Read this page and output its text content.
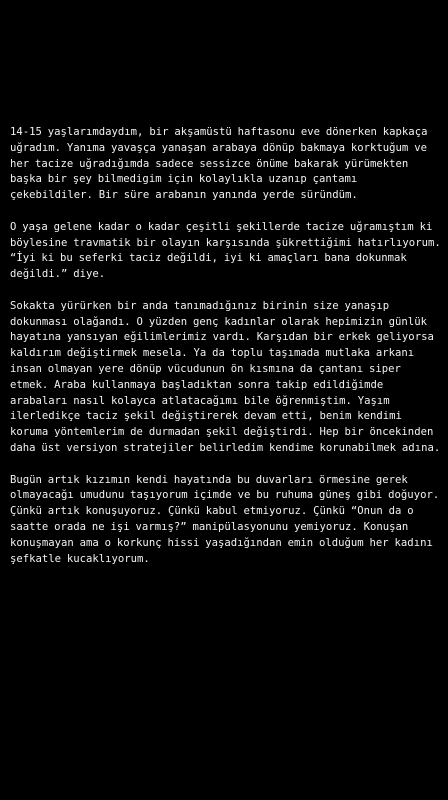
14-15 yaşlarımdaydım, bir akşamüstü haftasonu eve dönerken kapkaça uğradım. Yanıma yavaşça yanaşan arabaya dönüp bakmaya korktuğum ve her tacize uğradığımda sadece sessizce önüme bakarak yürümekten başka bir şey bilmedigim için kolaylıkla uzanıp çantamı çekebildiler. Bir süre arabanın yanında yerde süründüm.

O yaşa gelene kadar o kadar çeşitli şekillerde tacize uğramıştım ki böylesine travmatik bir olayın karşısında şükrettiğimi hatırlıyorum. “İyi ki bu seferki taciz değildi, iyi ki amaçları bana dokunmak değildi.” diye.

Sokakta yürürken bir anda tanımadığınız birinin size yanaşıp dokunması olağandı. O yüzden genç kadınlar olarak hepimizin günlük hayatına yansıyan eğilimlerimiz vardı. Karşıdan bir erkek geliyorsa kaldırım değiştirmek mesela. Ya da toplu taşımada mutlaka arkanı insan olmayan yere dönüp vücudunun ön kısmına da çantanı siper etmek. Araba kullanmaya başladıktan sonra takip edildiğimde arabaları nasıl kolayca atlatacağımı bile öğrenmiştim. Yaşım ilerledikçe taciz şekil değiştirerek devam etti, benim kendimi koruma yöntemlerim de durmadan şekil değiştirdi. Hep bir öncekinden daha üst versiyon stratejiler belirledim kendime korunabilmek adına.

Bugün artık kızımın kendi hayatında bu duvarları örmesine gerek olmayacağı umudunu taşıyorum içimde ve bu ruhuma güneş gibi doğuyor. Çünkü artık konuşuyoruz. Çünkü kabul etmiyoruz. Çünkü “Onun da o saatte orada ne işi varmış?” manipülasyonunu yemiyoruz. Konuşan konuşmayan ama o korkunç hissi yaşadığından emin olduğum her kadını şefkatle kucaklıyorum.
